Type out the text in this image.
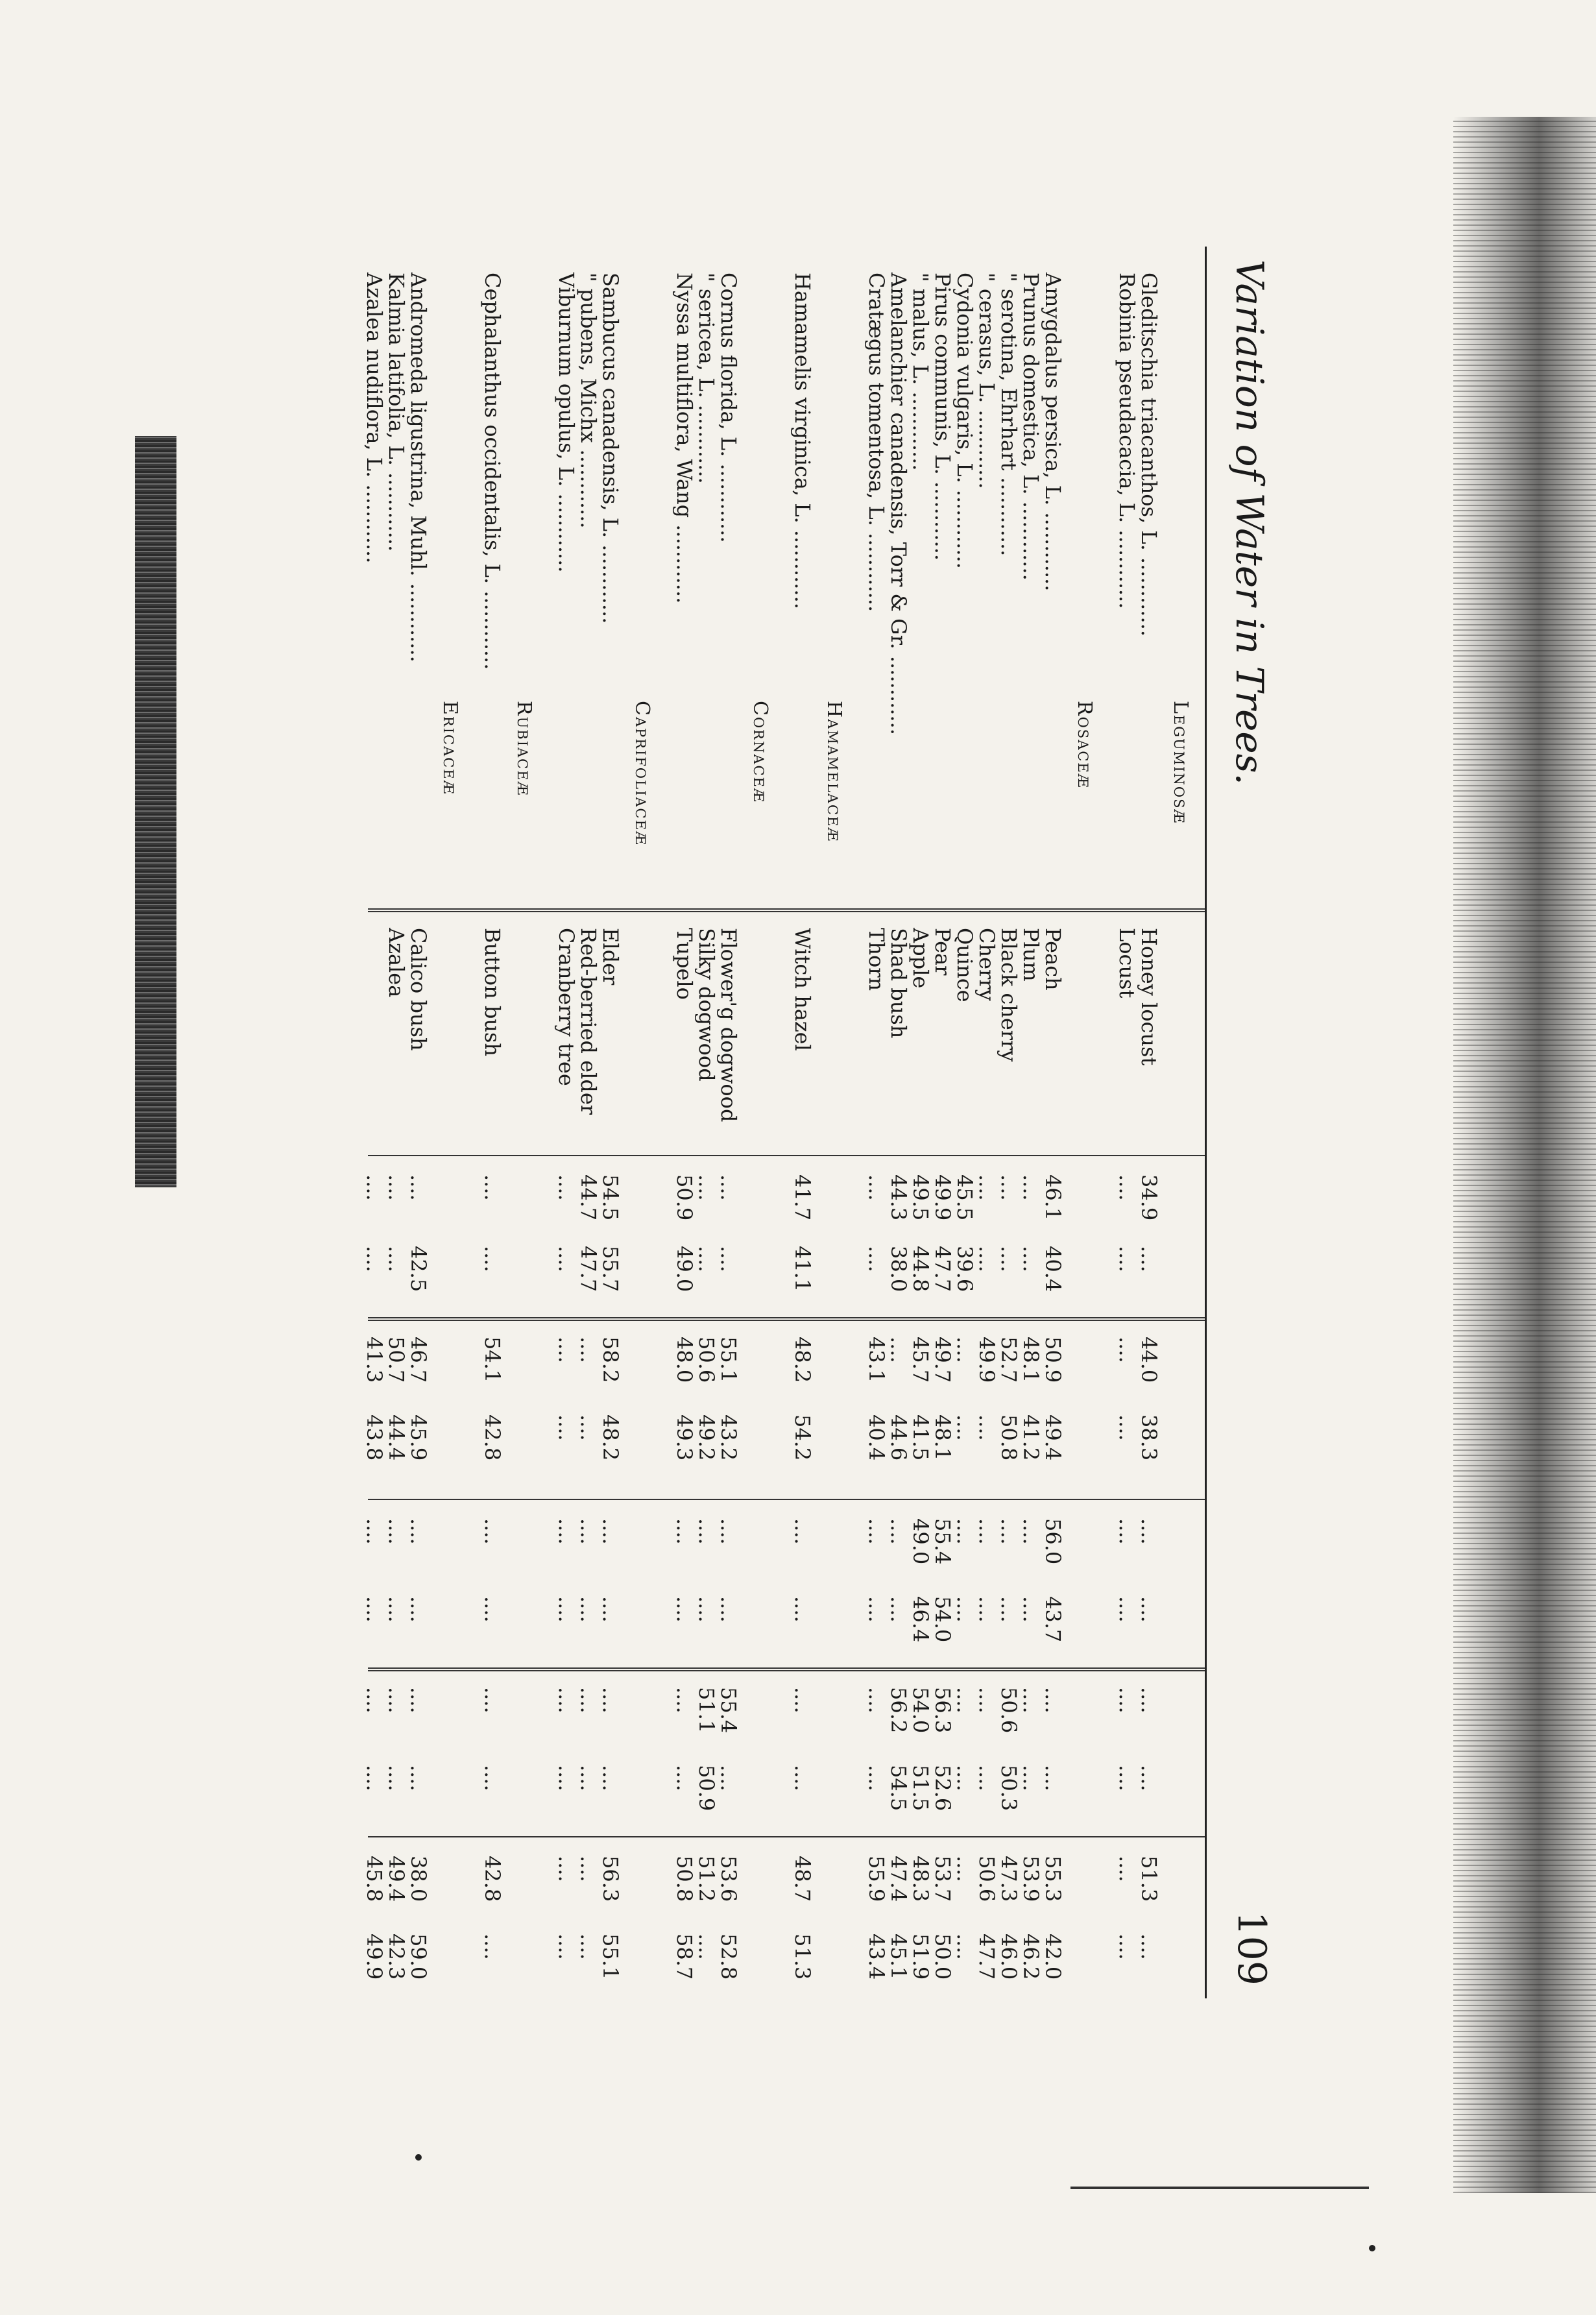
Variation of Water in Trees.
109
Leguminosæ
Gleditschia triacanthos, L. ............
Honey locust
34.9
....
44.0
38.3
....
....
....
....
51.3
....
Robinia pseudacacia, L. ............
Locust
....
....
....
....
....
....
....
....
....
....
Rosaceæ
Amygdalus persica, L. ............
Peach
46.1
40.4
50.9
49.4
56.0
43.7
....
....
55.3
42.0
Prunus domestica, L. ............
Plum
....
....
48.1
41.2
....
....
....
....
53.9
46.2
" serotina, Ehrhart ............
Black cherry
....
....
52.7
50.8
....
....
50.6
50.3
47.3
46.0
" cerasus, L. ............
Cherry
....
....
49.9
....
....
....
....
....
50.6
47.7
Cydonia vulgaris, L. ............
Quince
45.5
39.6
....
....
....
....
....
....
....
....
Pirus communis, L. ............
Pear
49.9
47.7
49.7
48.1
55.4
54.0
56.3
52.6
53.7
50.0
" malus, L. ............
Apple
49.5
44.8
45.7
41.5
49.0
46.4
54.0
51.5
48.3
51.9
Amelanchier canadensis, Torr & Gr. ............
Shad bush
44.3
38.0
....
44.6
....
....
56.2
54.5
47.4
45.1
Cratægus tomentosa, L. ............
Thorn
....
....
43.1
40.4
....
....
....
....
55.9
43.4
Hamamelaceæ
Hamamelis virginica, L. ............
Witch hazel
41.7
41.1
48.2
54.2
....
....
....
....
48.7
51.3
Cornaceæ
Cornus florida, L. ............
Flower'g dogwood
....
....
55.1
43.2
....
....
55.4
....
53.6
52.8
" sericea, L. ............
Silky dogwood
....
....
50.6
49.2
....
....
51.1
50.9
51.2
....
Nyssa multiflora, Wang ............
Tupelo
50.9
49.0
48.0
49.3
....
....
....
....
50.8
58.7
Caprifoliaceæ
Sambucus canadensis, L. ............
Elder
54.5
55.7
58.2
48.2
....
....
....
....
56.3
55.1
" pubens, Michx ............
Red-berried elder
44.7
47.7
....
....
....
....
....
....
....
....
Viburnum opulus, L. ............
Cranberry tree
....
....
....
....
....
....
....
....
....
....
Rubiaceæ
Cephalanthus occidentalis, L. ............
Button bush
....
....
54.1
42.8
....
....
....
....
42.8
....
Ericaceæ
Andromeda ligustrina, Muhl. ............
Calico bush
....
42.5
46.7
45.9
....
....
....
....
38.0
59.0
Kalmia latifolia, L. ............
Azalea
....
....
50.7
44.4
....
....
....
....
49.4
42.3
Azalea nudiflora, L. ............
....
....
41.3
43.8
....
....
....
....
45.8
49.9
